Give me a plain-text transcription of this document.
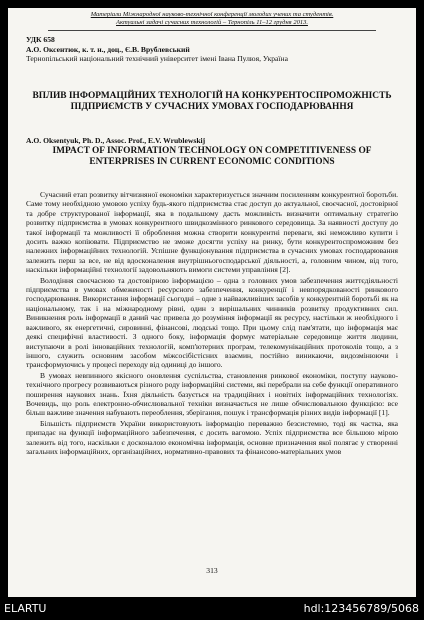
Матеріали Міжнародної науково-технічної конференції молодих учених та студентів.
Актуальні задачі сучасних технологій – Тернопіль 11–12 грудня 2013.
УДК 658
А.О. Оксентюк, к. т. н., доц., Є.В. Врублевський
Тернопільський національний технічний університет імені Івана Пулюя, Україна
ВПЛИВ ІНФОРМАЦІЙНИХ ТЕХНОЛОГІЙ НА КОНКУРЕНТОСПРОМОЖНІСТЬ ПІДПРИЄМСТВ У СУЧАСНИХ УМОВАХ ГОСПОДАРЮВАННЯ
A.O. Oksentyuk, Ph. D., Assoc. Prof., E.V. Wrublewskij
IMPACT OF INFORMATION TECHNOLOGY ON COMPETITIVENESS OF ENTERPRISES IN CURRENT ECONOMIC CONDITIONS

Сучасний етап розвитку вітчизняної економіки характеризується значним посиленням конкурентної боротьби. Саме тому необхідною умовою успіху будь-якого підприємства стає доступ до актуальної, своєчасної, достовірної та добре структурованої інформації, яка в подальшому дасть можливість визначити оптимальну стратегію розвитку підприємства в умовах конкурентного швидкозмінного ринкового середовища. За наявності доступу до такої інформації та можливості її оброблення можна створити конкурентні переваги, які неможливо купити і досить важко копіювати. Підприємство не зможе досягти успіху на ринку, бути конкурентоспроможним без належних інформаційних технологій. Успішне функціонування підприємства в сучасних умовах господарювання залежить перш за все, не від вдосконалення внутрішньогосподарської діяльності, а, головним чином, від того, наскільки інформаційні технології задовольняють вимоги системи управління [2].

Володіння своєчасною та достовірною інформацією – одна з головних умов забезпечення життєдіяльності підприємства в умовах обмеженості ресурсного забезпечення, конкуренції і невпорядкованості ринкового господарювання. Використання інформації сьогодні – одне з найважливіших засобів у конкурентній боротьбі як на національному, так і на міжнародному рівні, один з вирішальних чинників розвитку продуктивних сил. Виникнення роль інформації в даний час привела до розуміння інформації як ресурсу, настільки ж необхідного і важливого, як енергетичні, сировинні, фінансові, людські тощо. При цьому слід пам'ятати, що інформація має деякі специфічні властивості. З одного боку, інформація формує матеріальне середовище життя людини, виступаючи в ролі інноваційних технологій, комп'ютерних програм, телекомунікаційних протоколів тощо, а з іншого, служить основним засобом міжсосібістісних взаємин, постійно виникаючи, видозмінюючи і трансформуючись у процесі переходу від одиниці до іншого.

В умовах невпинного якісного оновлення суспільства, становлення ринкової економіки, поступу науково-технічного прогресу розвиваються різного роду інформаційні системи, які перебрали на себе функції оперативного поширення наукових знань. Їхня діяльність базується на традиційних і новітніх інформаційних технологіях. Вочевидь, що роль електронно-обчислювальної техніки визначається не лише обчислювальною функцією: все більш важливе значення набувають переоблення, зберігання, пошук і трансформація різних видів інформації [1].

Більшість підприємств України використовують інформацію переважно безсистемно, тоді як частка, яка припадає на функції інформаційного забезпечення, є досить вагомою. Успіх підприємства все більшою мірою залежить від того, наскільки є досконалою економічна інформація, основне призначення якої полягає у створенні загальних інформаційних, організаційних, нормативно-правових та фінансово-матеріальних умов

313
ELARTU	hdl:123456789/5068
